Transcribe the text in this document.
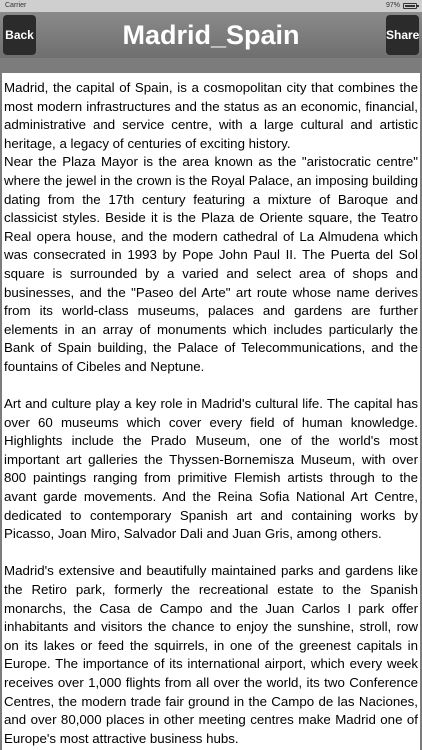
Carrier	97%
Madrid_Spain
Back	Share

Madrid, the capital of Spain, is a cosmopolitan city that combines the most modern infrastructures and the status as an economic, financial, administrative and service centre, with a large cultural and artistic heritage, a legacy of centuries of exciting history.

Near the Plaza Mayor is the area known as the "aristocratic centre" where the jewel in the crown is the Royal Palace, an imposing building dating from the 17th century featuring a mixture of Baroque and classicist styles. Beside it is the Plaza de Oriente square, the Teatro Real opera house, and the modern cathedral of La Almudena which was consecrated in 1993 by Pope John Paul II. The Puerta del Sol square is surrounded by a varied and select area of shops and businesses, and the "Paseo del Arte" art route whose name derives from its world-class museums, palaces and gardens are further elements in an array of monuments which includes particularly the Bank of Spain building, the Palace of Telecommunications, and the fountains of Cibeles and Neptune.

Art and culture play a key role in Madrid's cultural life. The capital has over 60 museums which cover every field of human knowledge. Highlights include the Prado Museum, one of the world's most important art galleries the Thyssen-Bornemisza Museum, with over 800 paintings ranging from primitive Flemish artists through to the avant garde movements. And the Reina Sofia National Art Centre, dedicated to contemporary Spanish art and containing works by Picasso, Joan Miro, Salvador Dali and Juan Gris, among others.

Madrid's extensive and beautifully maintained parks and gardens like the Retiro park, formerly the recreational estate to the Spanish monarchs, the Casa de Campo and the Juan Carlos I park offer inhabitants and visitors the chance to enjoy the sunshine, stroll, row on its lakes or feed the squirrels, in one of the greenest capitals in Europe. The importance of its international airport, which every week receives over 1,000 flights from all over the world, its two Conference Centres, the modern trade fair ground in the Campo de las Naciones, and over 80,000 places in other meeting centres make Madrid one of Europe's most attractive business hubs.
